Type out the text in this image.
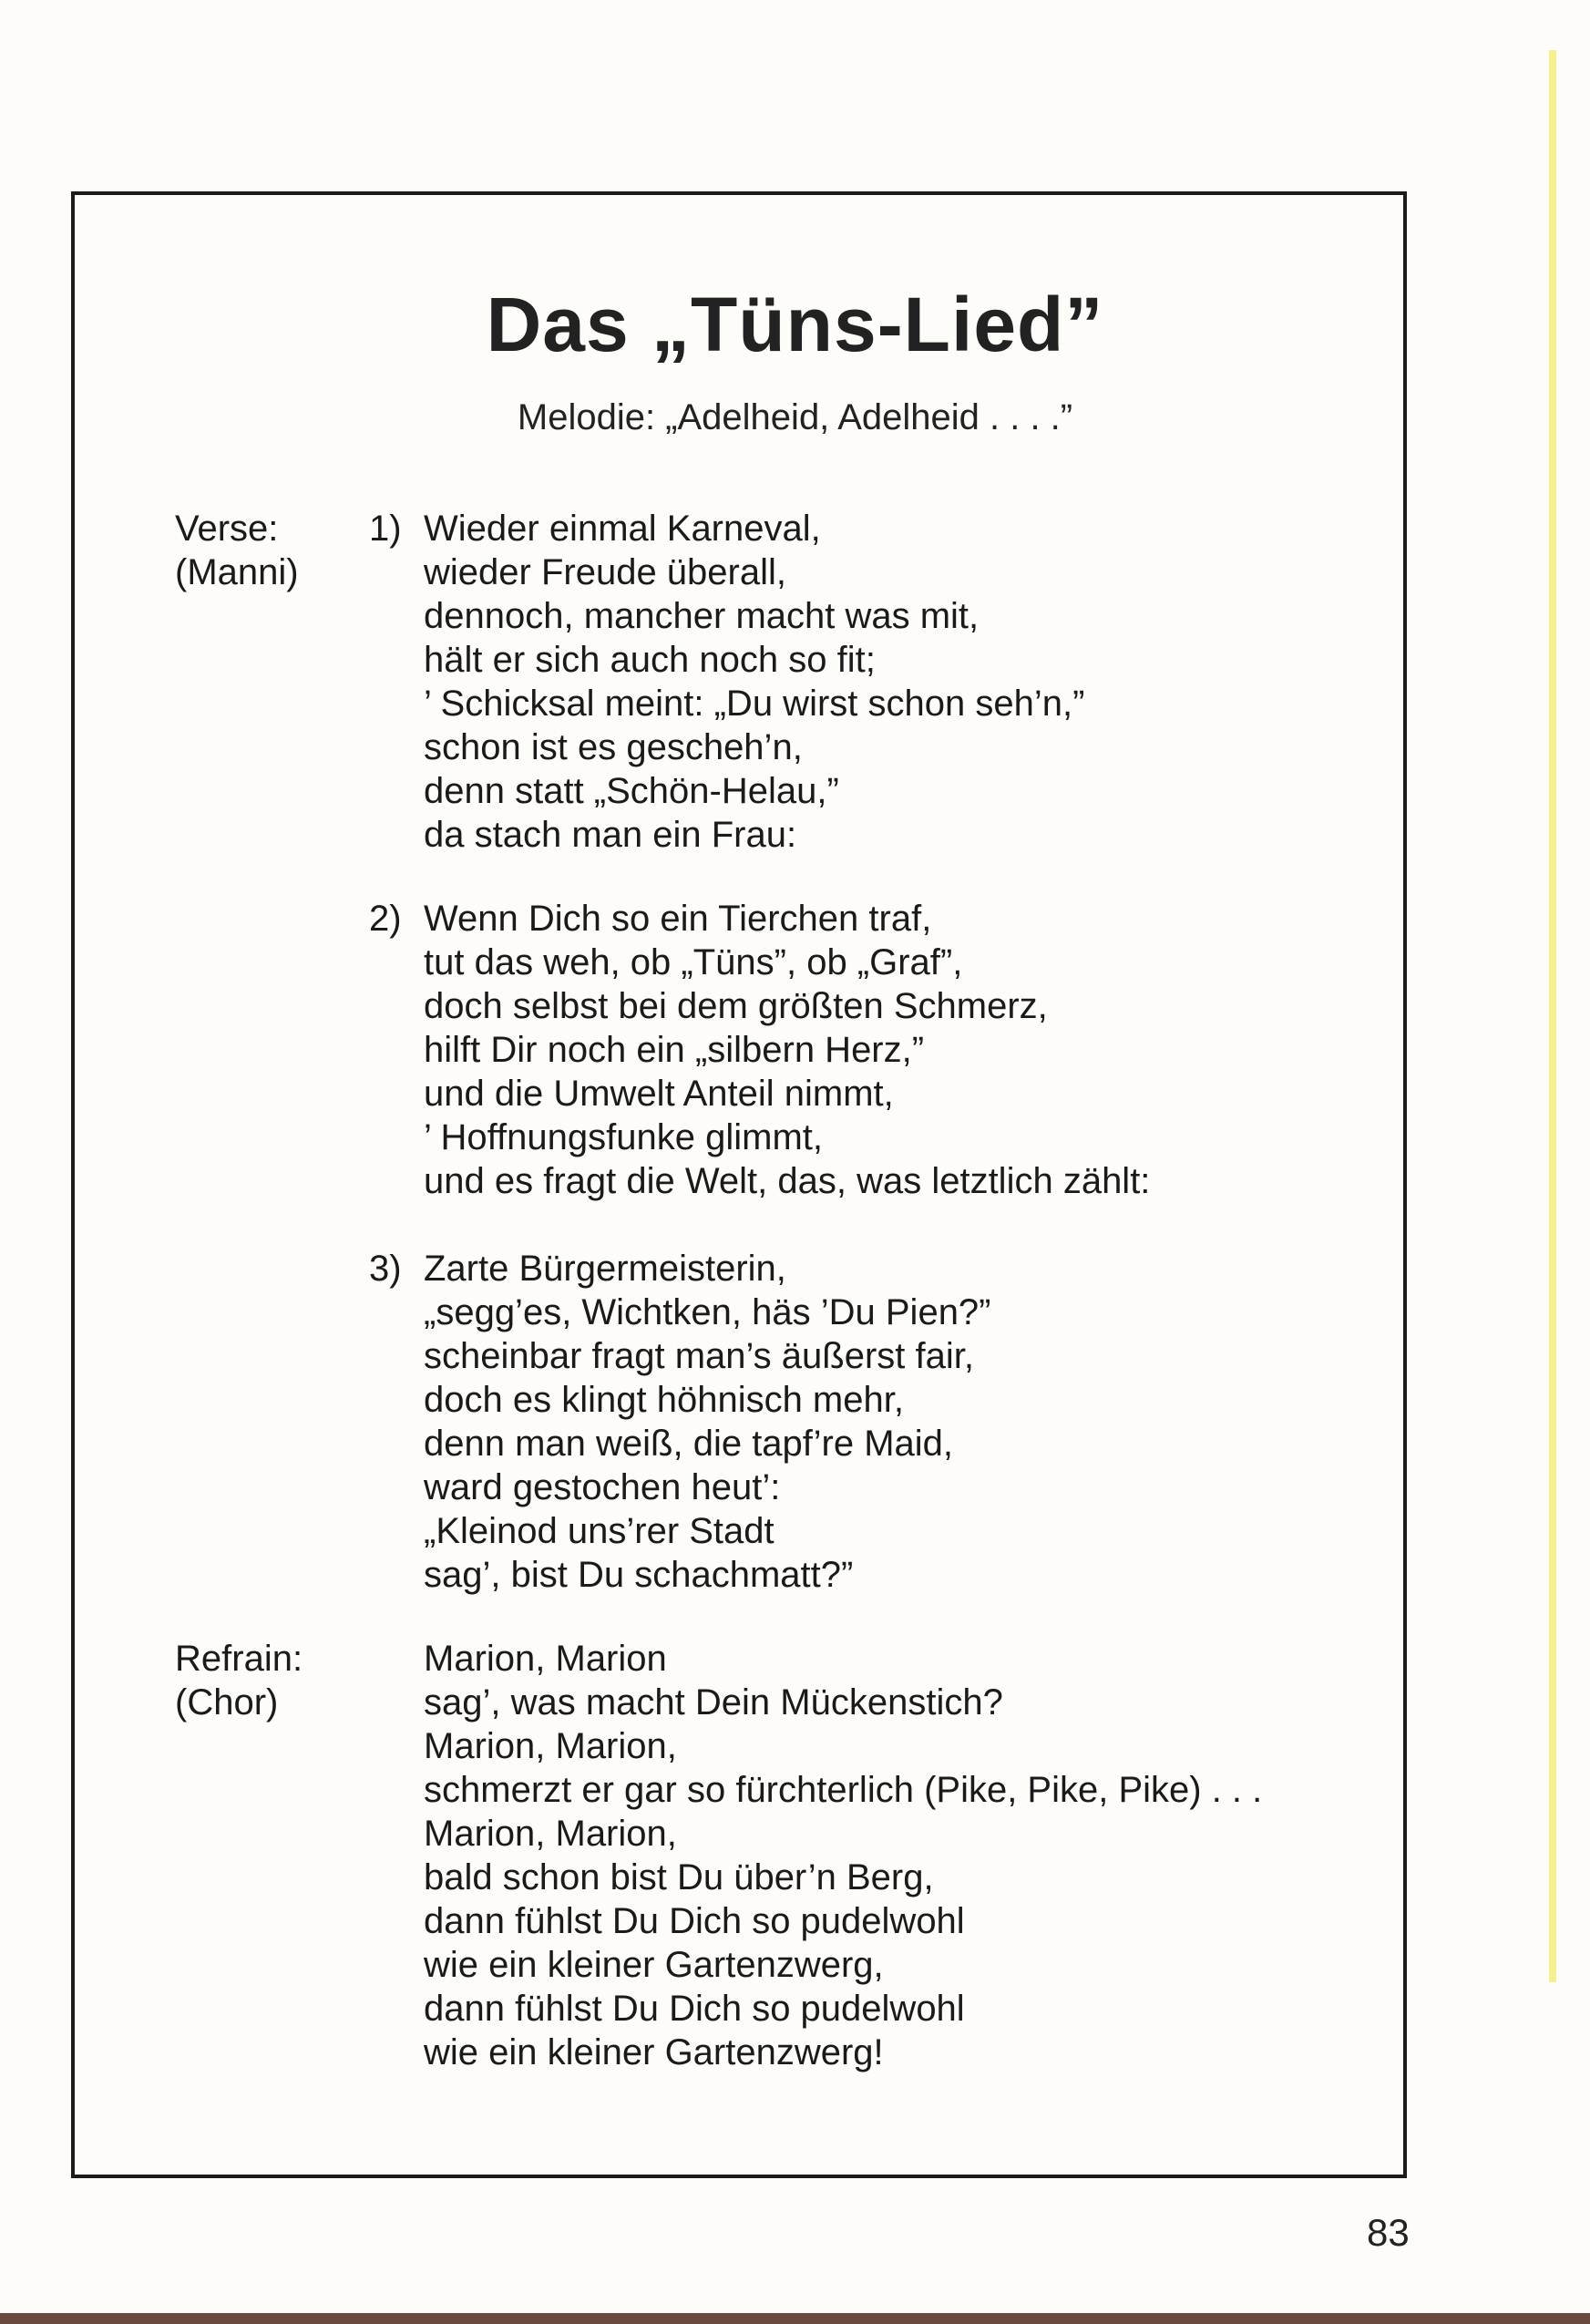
Das „Tüns-Lied”
Melodie: „Adelheid, Adelheid . . . .”
Verse:
(Manni)
1) Wieder einmal Karneval,
wieder Freude überall,
dennoch, mancher macht was mit,
hält er sich auch noch so fit;
’ Schicksal meint: „Du wirst schon seh’n,”
schon ist es gescheh’n,
denn statt „Schön-Helau,”
da stach man ein Frau:
2) Wenn Dich so ein Tierchen traf,
tut das weh, ob „Tüns”, ob „Graf”,
doch selbst bei dem größten Schmerz,
hilft Dir noch ein „silbern Herz,”
und die Umwelt Anteil nimmt,
’ Hoffnungsfunke glimmt,
und es fragt die Welt, das, was letztlich zählt:
3) Zarte Bürgermeisterin,
„segg’es, Wichtken, häs ’Du Pien?”
scheinbar fragt man’s äußerst fair,
doch es klingt höhnisch mehr,
denn man weiß, die tapf’re Maid,
ward gestochen heut’:
„Kleinod uns’rer Stadt
sag’, bist Du schachmatt?”
Refrain:
(Chor)
Marion, Marion
sag’, was macht Dein Mückenstich?
Marion, Marion,
schmerzt er gar so fürchterlich (Pike, Pike, Pike) . . .
Marion, Marion,
bald schon bist Du über’n Berg,
dann fühlst Du Dich so pudelwohl
wie ein kleiner Gartenzwerg,
dann fühlst Du Dich so pudelwohl
wie ein kleiner Gartenzwerg!
83
